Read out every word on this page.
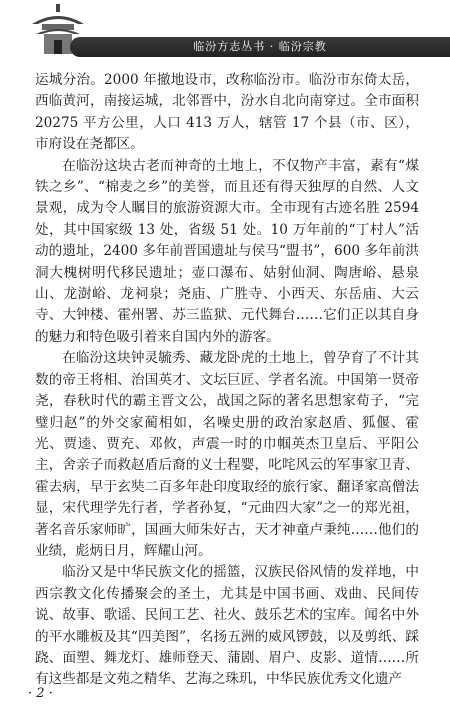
临汾方志丛书 · 临汾宗教

运城分治。2000 年撤地设市，改称临汾市。临汾市东倚太岳，西临黄河，南接运城，北邻晋中，汾水自北向南穿过。全市面积20275 平方公里，人口 413 万人，辖管 17 个县（市、区），市府设在尧都区。

在临汾这块古老而神奇的土地上，不仅物产丰富，素有“煤铁之乡”、“棉麦之乡”的美誉，而且还有得天独厚的自然、人文景观，成为令人瞩目的旅游资源大市。全市现有古迹名胜 2594 处，其中国家级 13 处，省级 51 处。10 万年前的“丁村人”活动的遗址，2400 多年前晋国遗址与侯马“盟书”，600 多年前洪洞大槐树明代移民遗址；壶口瀑布、姑射仙洞、陶唐峪、悬泉山、龙澍峪、龙祠泉；尧庙、广胜寺、小西天、东岳庙、大云寺、大钟楼、霍州署、苏三监狱、元代舞台……它们正以其自身的魅力和特色吸引着来自国内外的游客。

在临汾这块钟灵毓秀、藏龙卧虎的土地上，曾孕育了不计其数的帝王将相、治国英才、文坛巨匠、学者名流。中国第一贤帝尧，春秋时代的霸主晋文公，战国之际的著名思想家荀子，“完璧归赵”的外交家蔺相如，名噪史册的政治家赵盾、狐偃、霍光、贾逵、贾充、邓攸，声震一时的巾帼英杰卫皇后、平阳公主，舍亲子而救赵盾后裔的义士程婴，叱咤风云的军事家卫青、霍去病，早于玄奘二百多年赴印度取经的旅行家、翻译家高僧法显，宋代理学先行者，学者孙复，“元曲四大家”之一的郑光祖，著名音乐家师旷，国画大师朱好古，天才神童卢秉纯……他们的业绩，彪炳日月，辉耀山河。

临汾又是中华民族文化的摇篮，汉族民俗风情的发祥地，中西宗教文化传播聚会的圣土，尤其是中国书画、戏曲、民间传说、故事、歌谣、民间工艺、社火、鼓乐艺术的宝库。闻名中外的平水雕板及其“四美图”，名扬五洲的威风锣鼓，以及剪纸、踩跷、面塑、舞龙灯、雄师登天、蒲剧、眉户、皮影、道情……所有这些都是文苑之精华、艺海之珠玑，中华民族优秀文化遗产

· 2 ·
